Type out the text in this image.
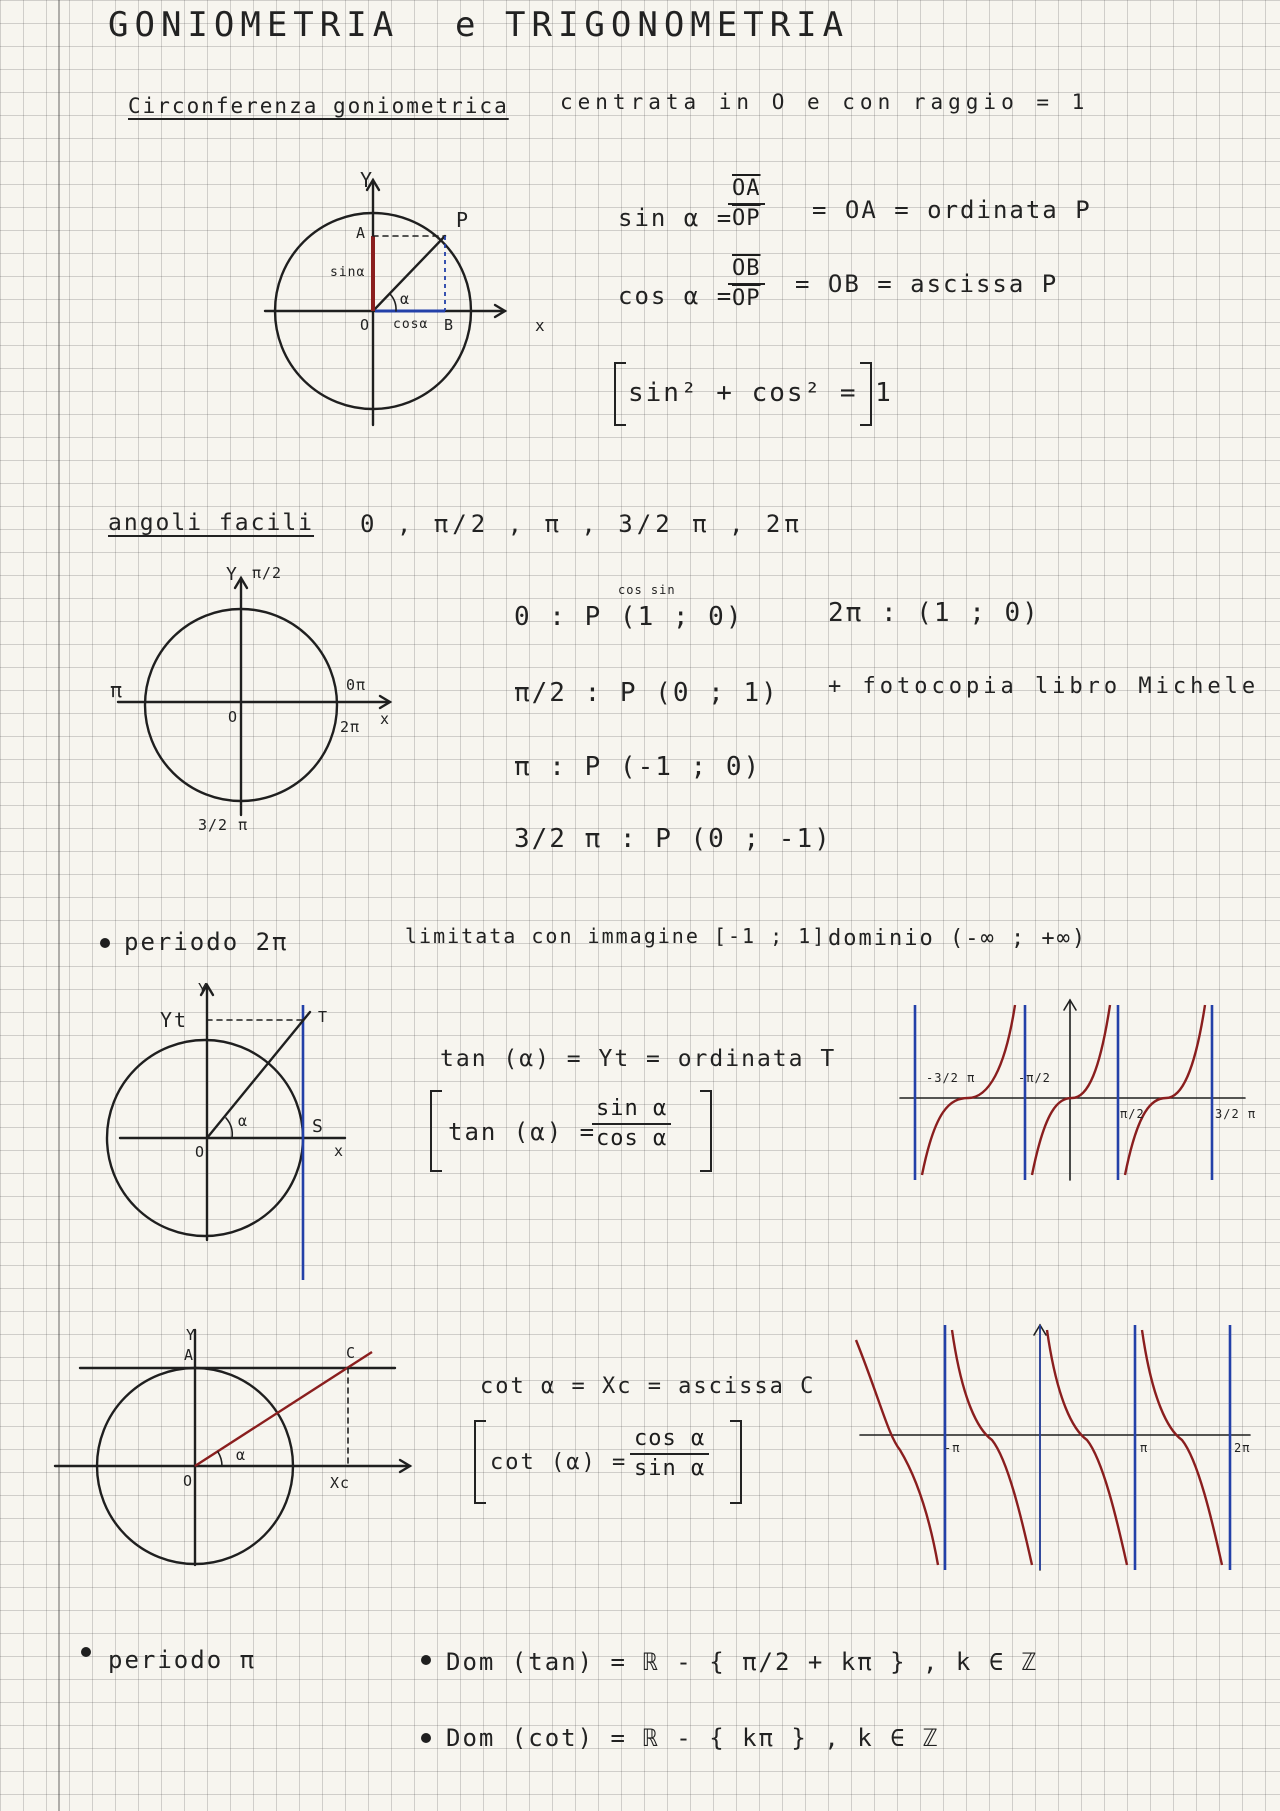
GONIOMETRIA e TRIGONOMETRIA
Circonferenza goniometrica centrata in O e con raggio = 1
Y
x
O
P
A
B
α
sinα
cosα
sin α =
$\frac{\overline{OA}}{OP}$ = OA = ordinata P
cos α =
$\frac{\overline{OB}}{OP}$ = OB = ascissa P
sin² + cos² = 1
angoli facili 0 , π/2 , π , 3/2 π , 2π
Y π/2
π	0π
2π x
O
3/2 π
cos sin
0 : P (1 ; 0)	2π : (1 ; 0)
π/2 : P (0 ; 1) + fotocopia libro Michele
π : P (-1 ; 0)
3/2 π : P (0 ; -1)
periodo 2π	limitata con immagine [-1 ; 1] dominio (-∞ ; +∞)
Y
Yt	T
O
S
x
α
tan (α) = Yt = ordinata T
tan (α) =
$\frac{\text{sin α}}{\text{cos α}}$
-3/2 π	-π/2
π/2	3/2 π
Y
A	C
O	Xc
α
cot α = Xc = ascissa C
$\cot (\alpha) = \frac{\text{cos α}}{\text{sin α}}$	-π	π	2π
periodo π	Dom (tan) = ℝ - { π/2 + kπ } , k ∈ ℤ
Dom (cot) = ℝ - { kπ } , k ∈ ℤ
